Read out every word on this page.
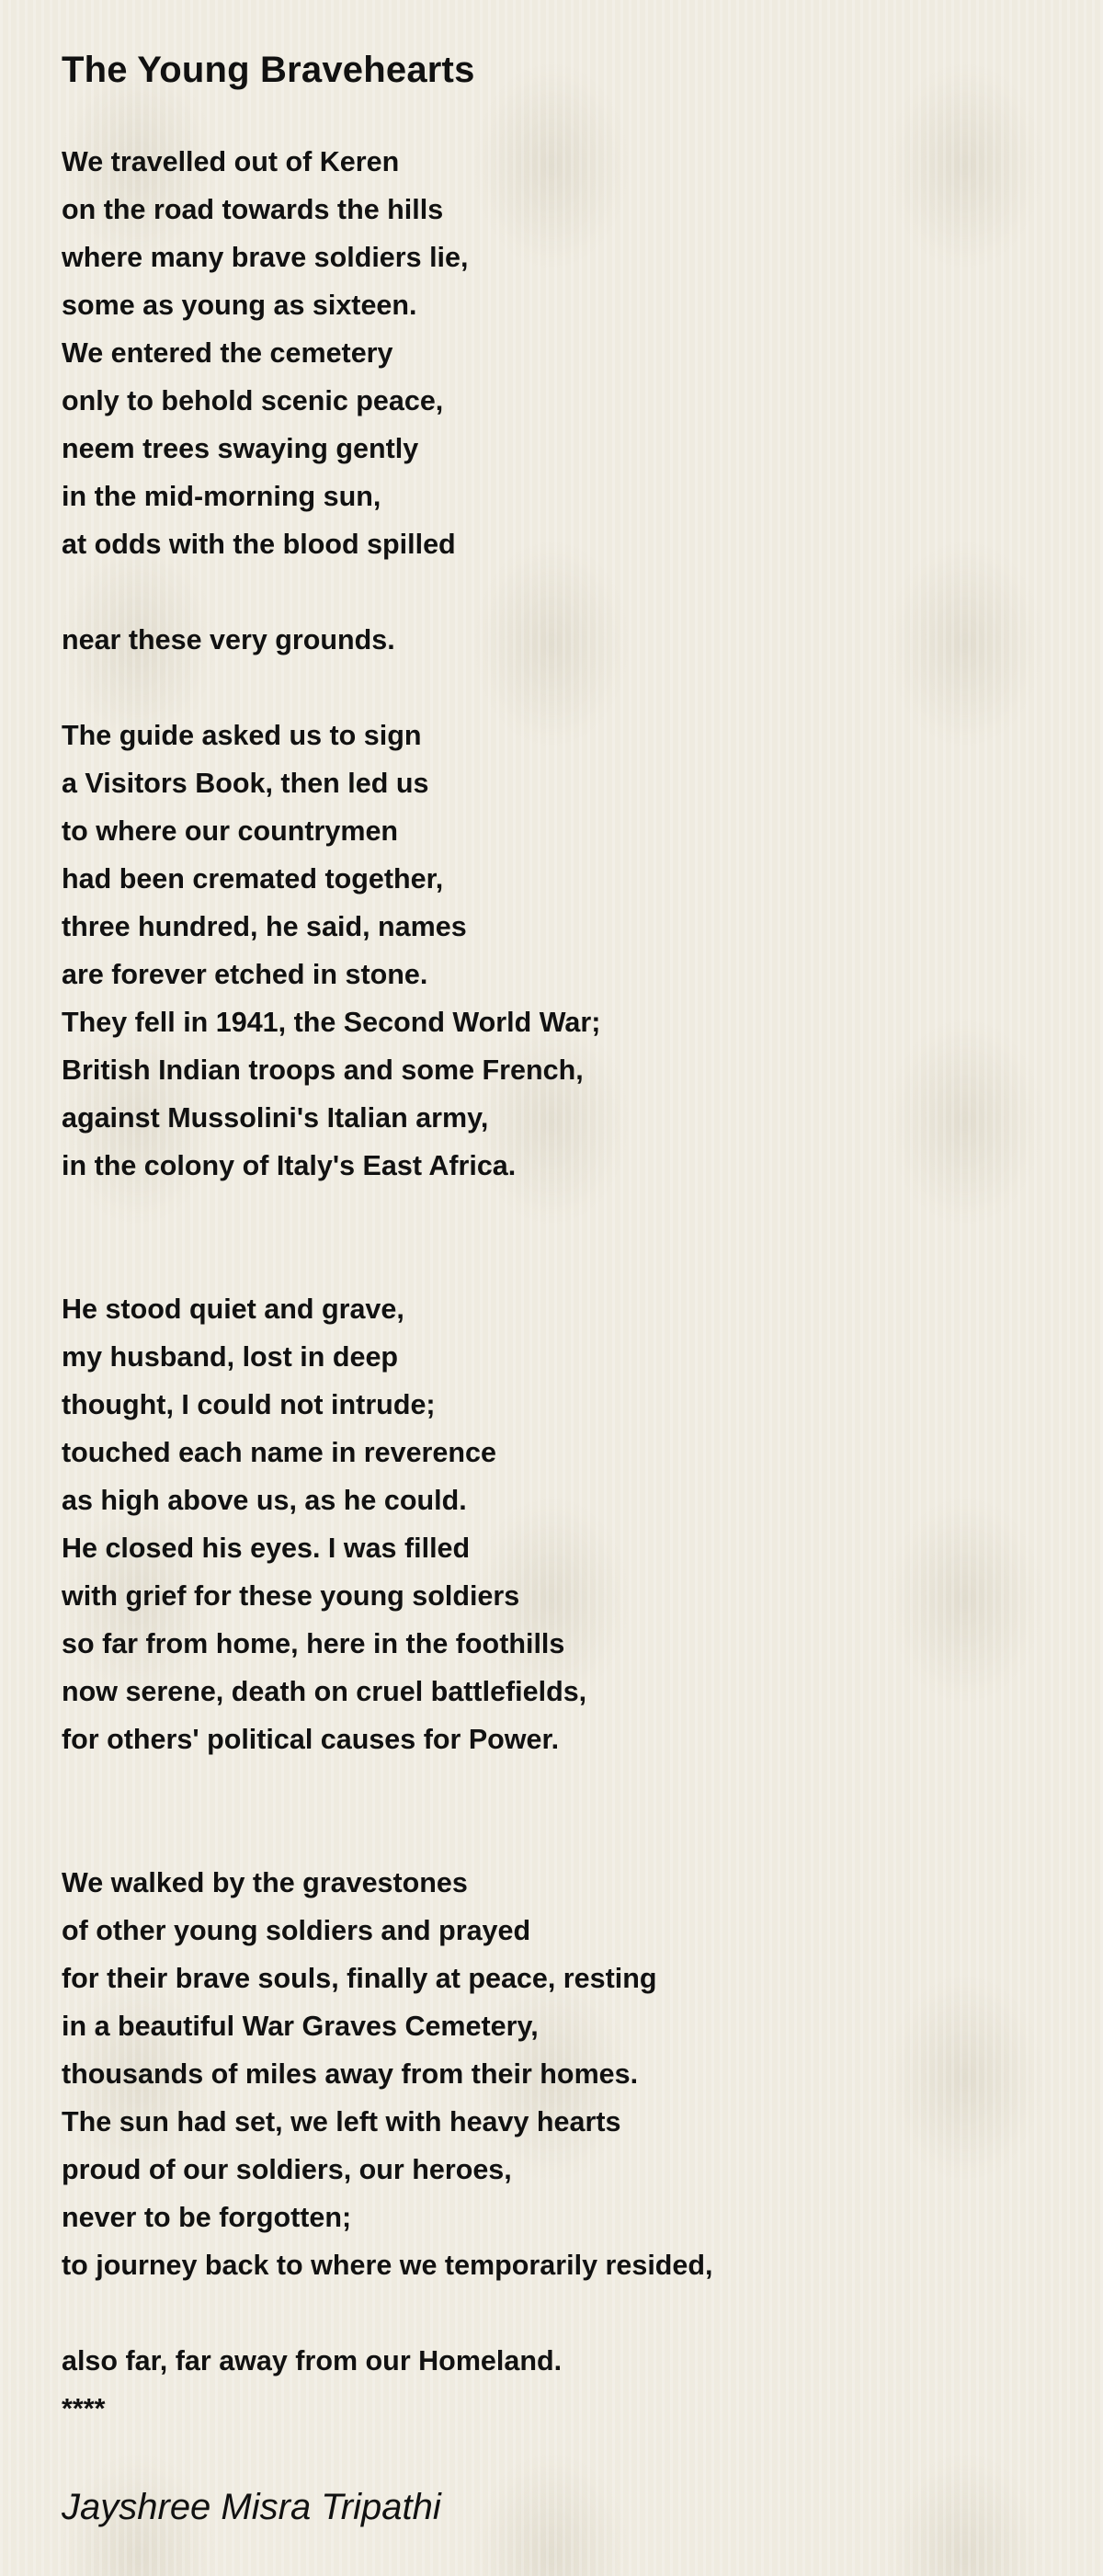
The Young Bravehearts
We travelled out of Keren
on the road towards the hills
where many brave soldiers lie,
some as young as sixteen.
We entered the cemetery
only to behold scenic peace,
neem trees swaying gently
in the mid-morning sun,
at odds with the blood spilled
near these very grounds.
The guide asked us to sign
a Visitors Book, then led us
to where our countrymen
had been cremated together,
three hundred, he said, names
are forever etched in stone.
They fell in 1941, the Second World War;
British Indian troops and some French,
against Mussolini's Italian army,
in the colony of Italy's East Africa.
He stood quiet and grave,
my husband, lost in deep
thought, I could not intrude;
touched each name in reverence
as high above us, as he could.
He closed his eyes. I was filled
with grief for these young soldiers
so far from home, here in the foothills
now serene, death on cruel battlefields,
for others' political causes for Power.
We walked by the gravestones
of other young soldiers and prayed
for their brave souls, finally at peace, resting
in a beautiful War Graves Cemetery,
thousands of miles away from their homes.
The sun had set, we left with heavy hearts
proud of our soldiers, our heroes,
never to be forgotten;
to journey back to where we temporarily resided,
also far, far away from our Homeland.
****
Jayshree Misra Tripathi
